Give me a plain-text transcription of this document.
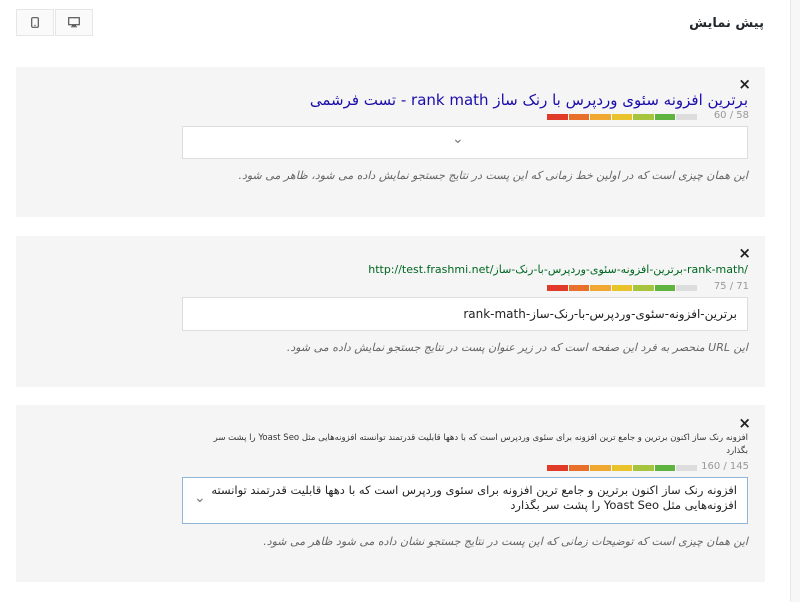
پیش نمایش
×
برترین افزونه سئوی وردپرس با رنک ساز rank math - تست فرشمی
60 / 58
⌄
این همان چیزی است که در اولین خط زمانی که این پست در نتایج جستجو نمایش داده می شود، ظاهر می شود.
×
http://test.frashmi.net/برترین-افزونه-سئوی-وردپرس-با-رنک-ساز-rank-math/
75 / 71
برترین-افزونه-سئوی-وردپرس-با-رنک-ساز-rank-math
این URL منحصر به فرد این صفحه است که در زیر عنوان پست در نتایج جستجو نمایش داده می شود.
×
افزونه رنک ساز اکنون برترین و جامع ترین افزونه برای سئوی وردپرس است که با دهها قابلیت قدرتمند توانسته افزونه‌هایی مثل Yoast Seo را پشت سر بگذارد
160 / 145
افزونه رنک ساز اکنون برترین و جامع ترین افزونه برای سئوی وردپرس است که با دهها قابلیت قدرتمند توانسته افزونه‌هایی مثل Yoast Seo را پشت سر بگذارد
⌄
این همان چیزی است که توضیحات زمانی که این پست در نتایج جستجو نشان داده می شود ظاهر می شود.
